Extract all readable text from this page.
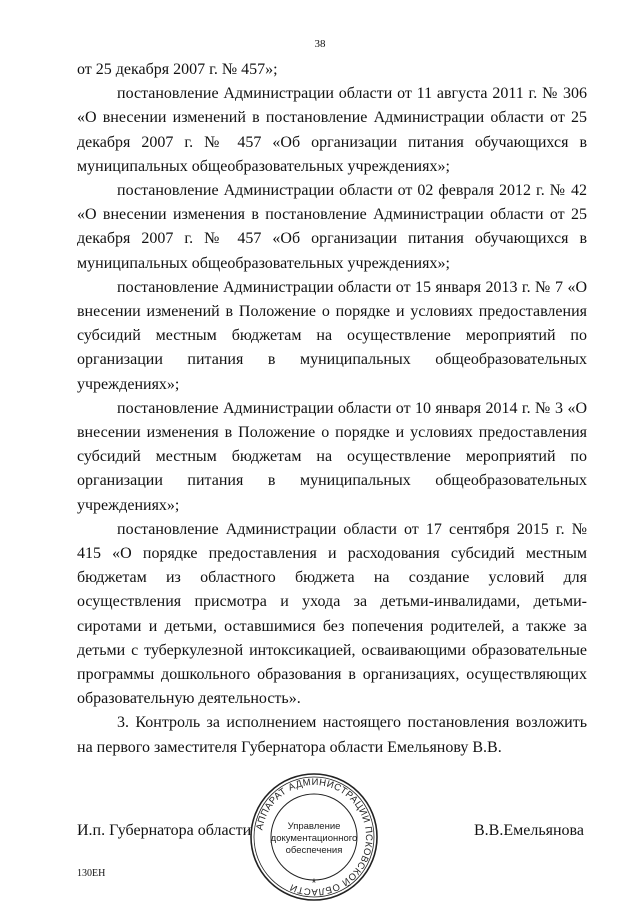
38

от 25 декабря 2007 г. № 457»;

постановление Администрации области от 11 августа 2011 г. № 306 «О внесении изменений в постановление Администрации области от 25 декабря 2007 г. № 457 «Об организации питания обучающихся в муниципальных общеобразовательных учреждениях»;

постановление Администрации области от 02 февраля 2012 г. № 42 «О внесении изменения в постановление Администрации области от 25 декабря 2007 г. № 457 «Об организации питания обучающихся в муниципальных общеобразовательных учреждениях»;

постановление Администрации области от 15 января 2013 г. № 7 «О внесении изменений в Положение о порядке и условиях предоставления субсидий местным бюджетам на осуществление мероприятий по организации питания в муниципальных общеобразовательных учреждениях»;

постановление Администрации области от 10 января 2014 г. № 3 «О внесении изменения в Положение о порядке и условиях предоставления субсидий местным бюджетам на осуществление мероприятий по организации питания в муниципальных общеобразовательных учреждениях»;

постановление Администрации области от 17 сентября 2015 г. № 415 «О порядке предоставления и расходования субсидий местным бюджетам из областного бюджета на создание условий для осуществления присмотра и ухода за детьми-инвалидами, детьми-сиротами и детьми, оставшимися без попечения родителей, а также за детьми с туберкулезной интоксикацией, осваивающими образовательные программы дошкольного образования в организациях, осуществляющих образовательную деятельность».

3. Контроль за исполнением настоящего постановления возложить на первого заместителя Губернатора области Емельянову В.В.

И.п. Губернатора области	В.В.Емельянова
130ЕН
АППАРАТ АДМИНИСТРАЦИИ ПСКОВСКОЙ ОБЛАСТИ
Управление
документационного
обеспечения
*
